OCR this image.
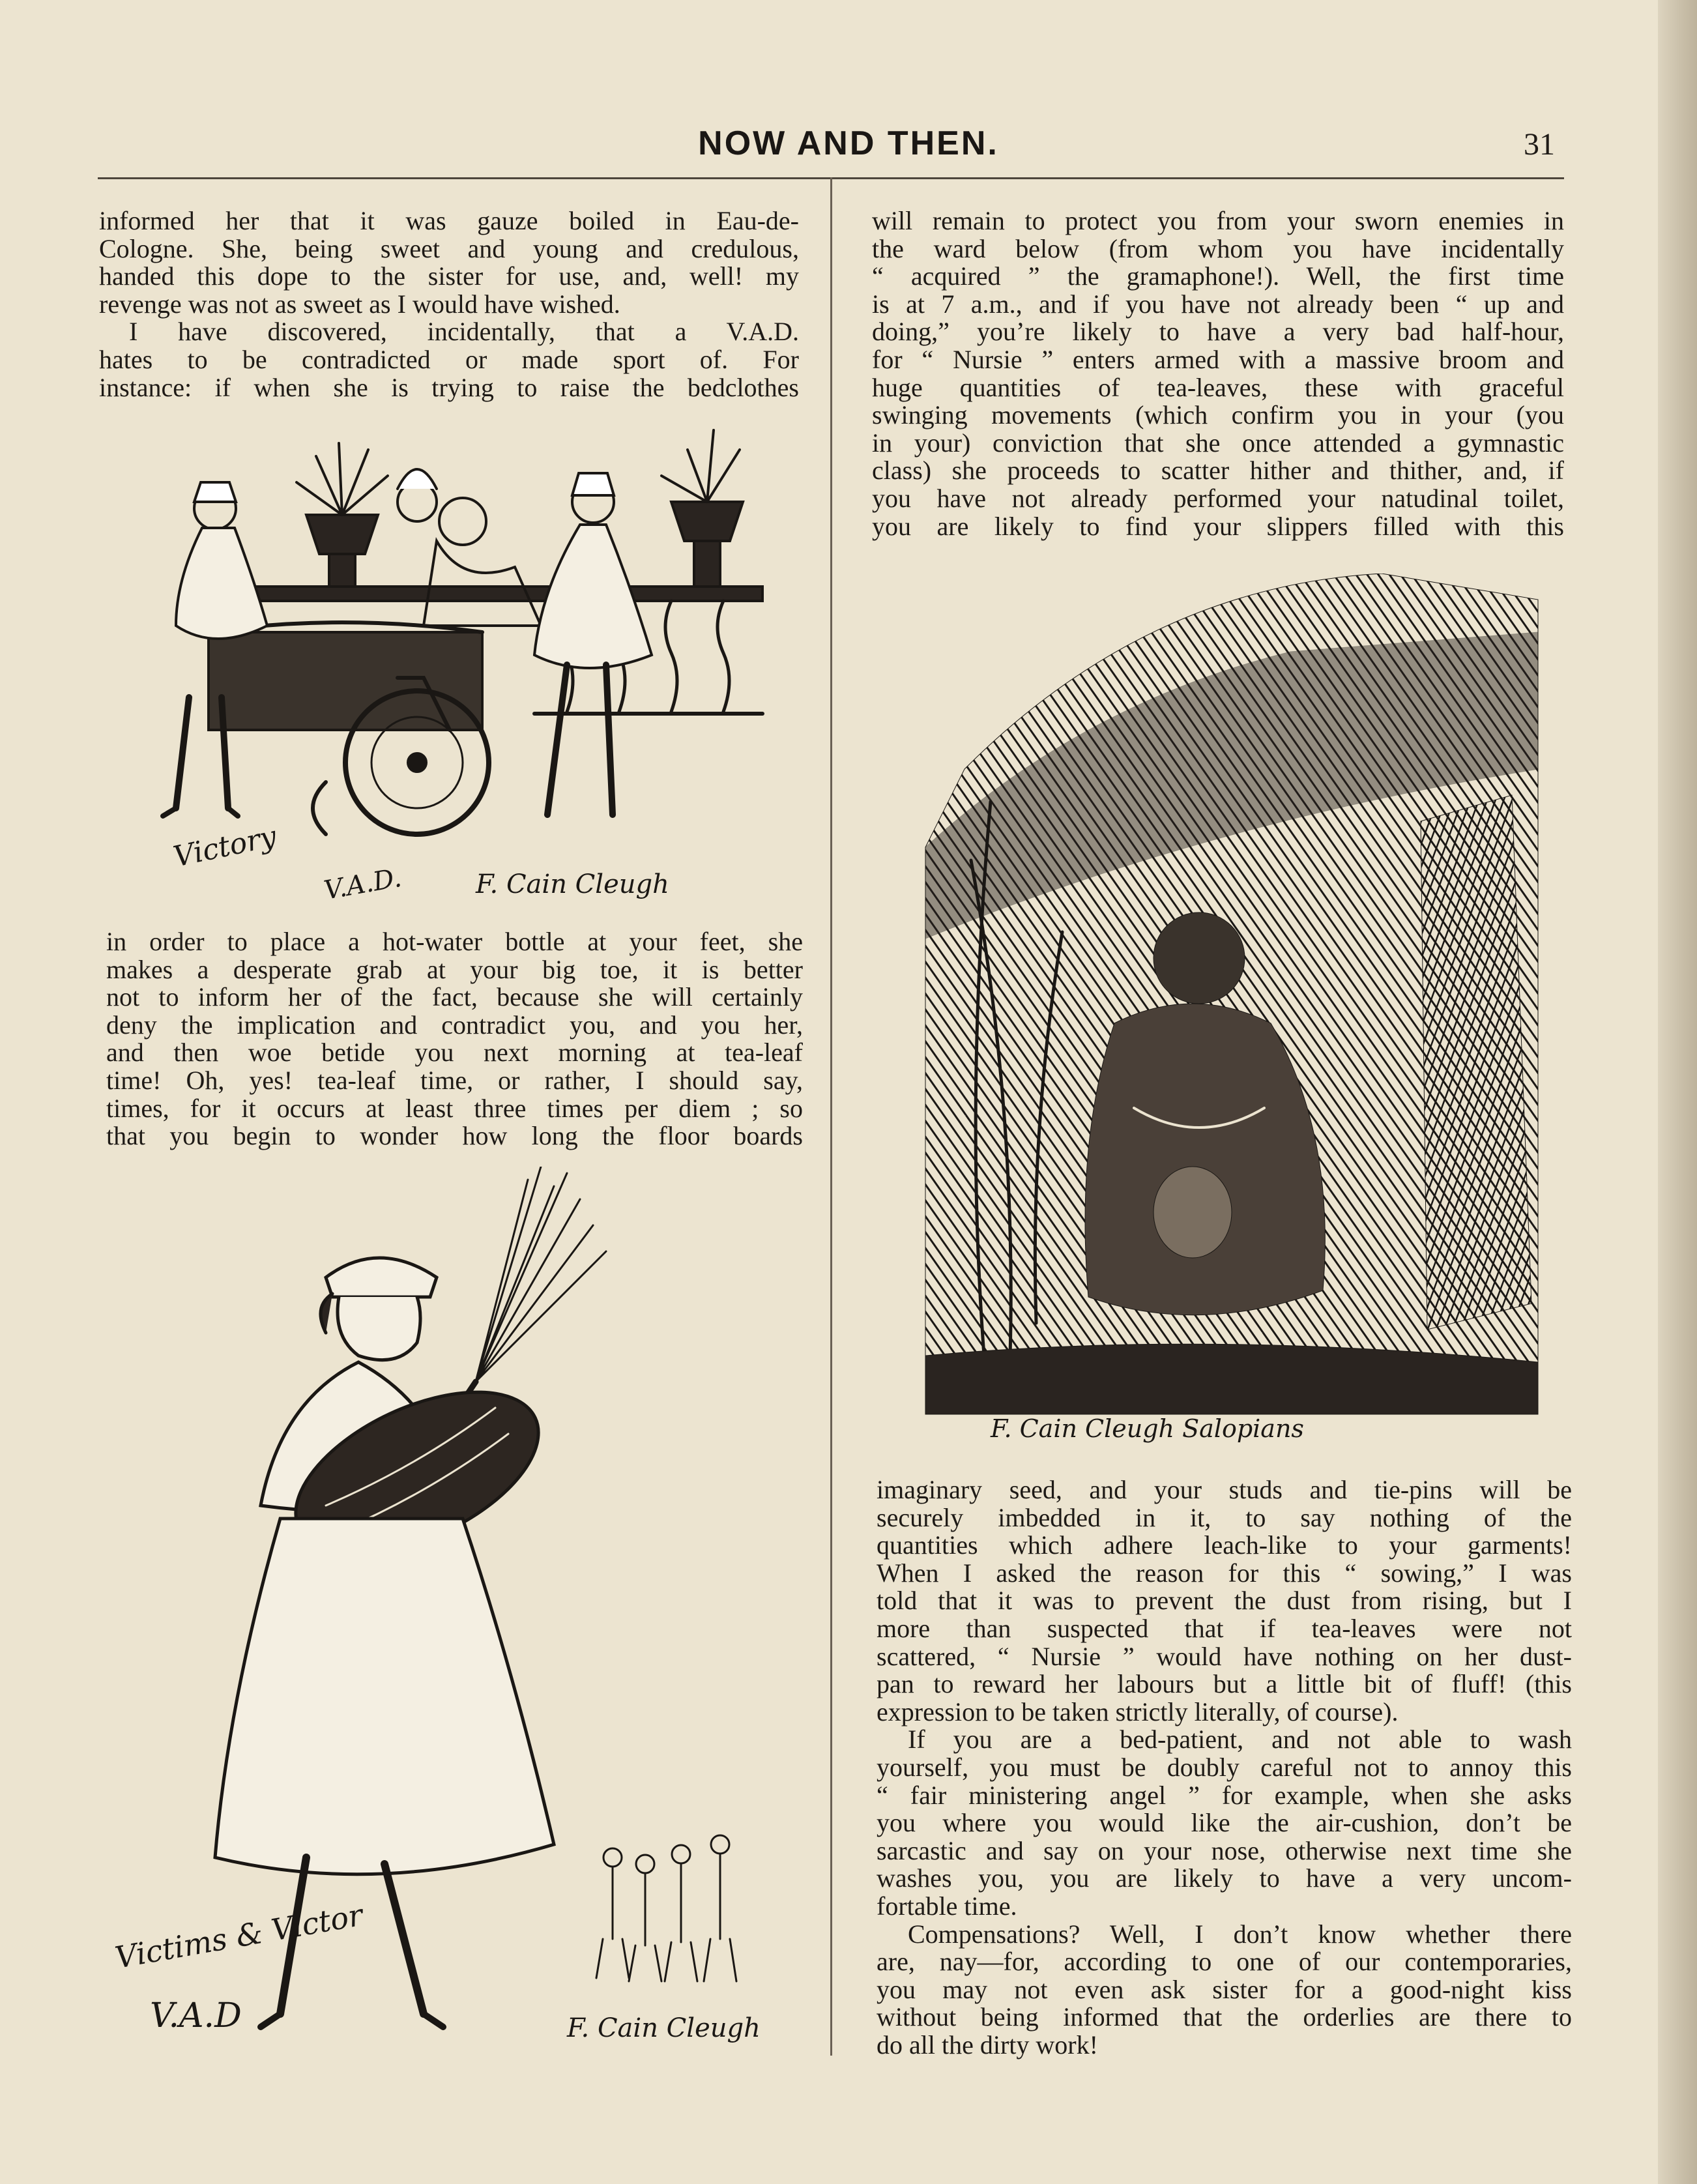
NOW AND THEN.	31

informed her that it was gauze boiled in Eau-de-

Cologne. She, being sweet and young and credulous,

handed this dope to the sister for use, and, well! my

revenge was not as sweet as I would have wished.

I have discovered, incidentally, that a V.A.D.

hates to be contradicted or made sport of. For

instance: if when she is trying to raise the bedclothes

Victory
V.A.D.	F. Cain Cleugh

in order to place a hot-water bottle at your feet, she

makes a desperate grab at your big toe, it is better

not to inform her of the fact, because she will certainly

deny the implication and contradict you, and you her,

and then woe betide you next morning at tea-leaf

time! Oh, yes! tea-leaf time, or rather, I should say,

times, for it occurs at least three times per diem ; so

that you begin to wonder how long the floor boards

Victims & Victor
V.A.D	F. Cain Cleugh

will remain to protect you from your sworn enemies in

the ward below (from whom you have incidentally

“ acquired ” the gramaphone!). Well, the first time

is at 7 a.m., and if you have not already been “ up and

doing,” you’re likely to have a very bad half-hour,

for “ Nursie ” enters armed with a massive broom and

huge quantities of tea-leaves, these with graceful

swinging movements (which confirm you in your (you

in your) conviction that she once attended a gymnastic

class) she proceeds to scatter hither and thither, and, if

you have not already performed your natudinal toilet,

you are likely to find your slippers filled with this

F. Cain Cleugh Salopians

imaginary seed, and your studs and tie-pins will be

securely imbedded in it, to say nothing of the

quantities which adhere leach-like to your garments!

When I asked the reason for this “ sowing,” I was

told that it was to prevent the dust from rising, but I

more than suspected that if tea-leaves were not

scattered, “ Nursie ” would have nothing on her dust-

pan to reward her labours but a little bit of fluff! (this

expression to be taken strictly literally, of course).

If you are a bed-patient, and not able to wash

yourself, you must be doubly careful not to annoy this

“ fair ministering angel ” for example, when she asks

you where you would like the air-cushion, don’t be

sarcastic and say on your nose, otherwise next time she

washes you, you are likely to have a very uncom-

fortable time.

Compensations? Well, I don’t know whether there

are, nay—for, according to one of our contemporaries,

you may not even ask sister for a good-night kiss

without being informed that the orderlies are there to

do all the dirty work!
